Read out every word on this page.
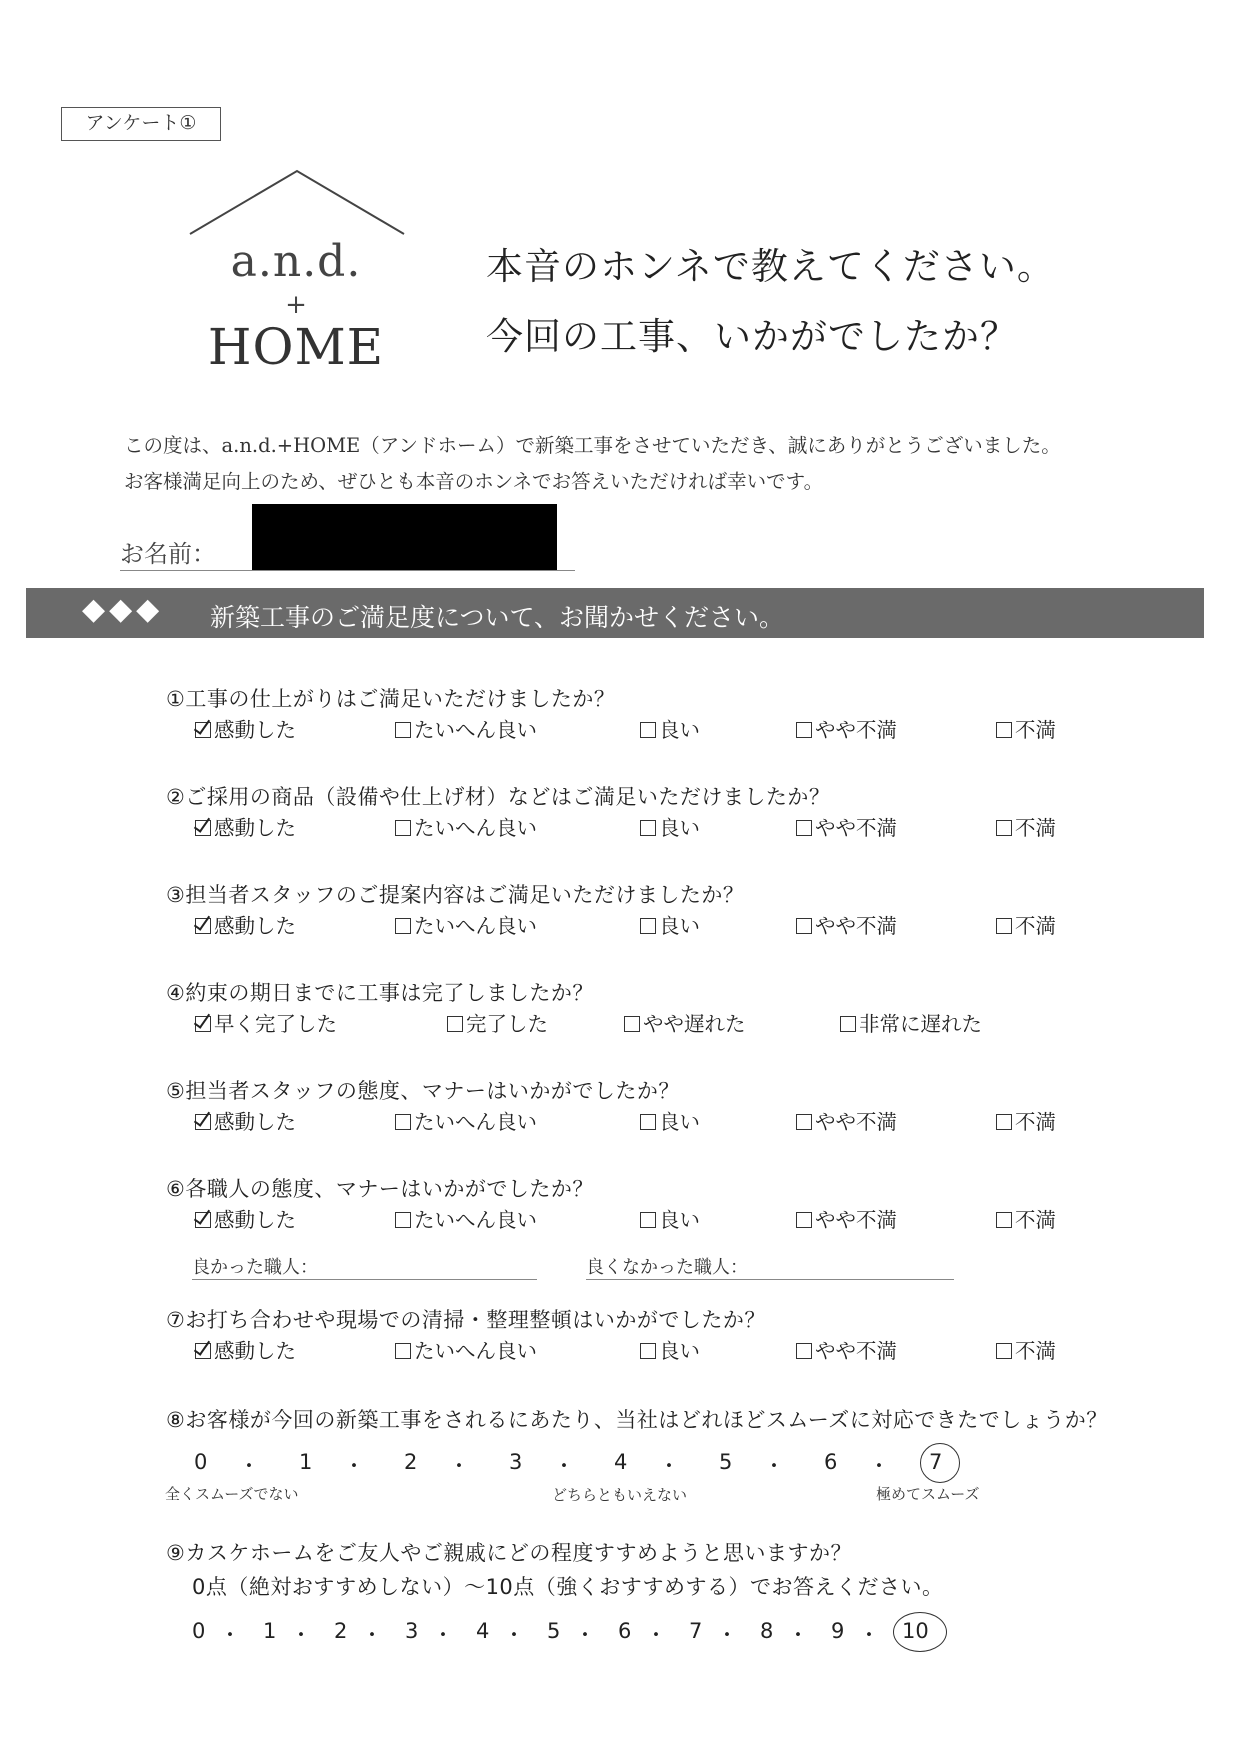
アンケート①
a.n.d.
+
HOME
本音のホンネで教えてください。
今回の工事、いかがでしたか？
この度は、a.n.d.+HOME（アンドホーム）で新築工事をさせていただき、誠にありがとうございました。
お客様満足向上のため、ぜひとも本音のホンネでお答えいただければ幸いです。
お名前：
◆◆◆ 新築工事のご満足度について、お聞かせください。
①工事の仕上がりはご満足いただけましたか？
感動した	たいへん良い	良い	やや不満	不満
②ご採用の商品（設備や仕上げ材）などはご満足いただけましたか？
感動した	たいへん良い	良い	やや不満	不満
③担当者スタッフのご提案内容はご満足いただけましたか？
感動した	たいへん良い	良い	やや不満	不満
④約束の期日までに工事は完了しましたか？
早く完了した	完了した	やや遅れた	非常に遅れた
⑤担当者スタッフの態度、マナーはいかがでしたか？
感動した	たいへん良い	良い	やや不満	不満
⑥各職人の態度、マナーはいかがでしたか？
感動した	たいへん良い	良い	やや不満	不満
⑦お打ち合わせや現場での清掃・整理整頓はいかがでしたか？
感動した	たいへん良い	良い	やや不満	不満
良かった職人：	良くなかった職人：
⑧お客様が今回の新築工事をされるにあたり、当社はどれほどスムーズに対応できたでしょうか？
0 ・ 1 ・ 2 ・ 3 ・ 4 ・ 5 ・ 6 ・ 7
全くスムーズでない	どちらともいえない	極めてスムーズ
⑨カスケホームをご友人やご親戚にどの程度すすめようと思いますか？
0点（絶対おすすめしない）～10点（強くおすすめする）でお答えください。
0 ・ 1 ・ 2 ・ 3 ・ 4 ・ 5 ・ 6 ・ 7 ・ 8 ・ 9 ・ 10
